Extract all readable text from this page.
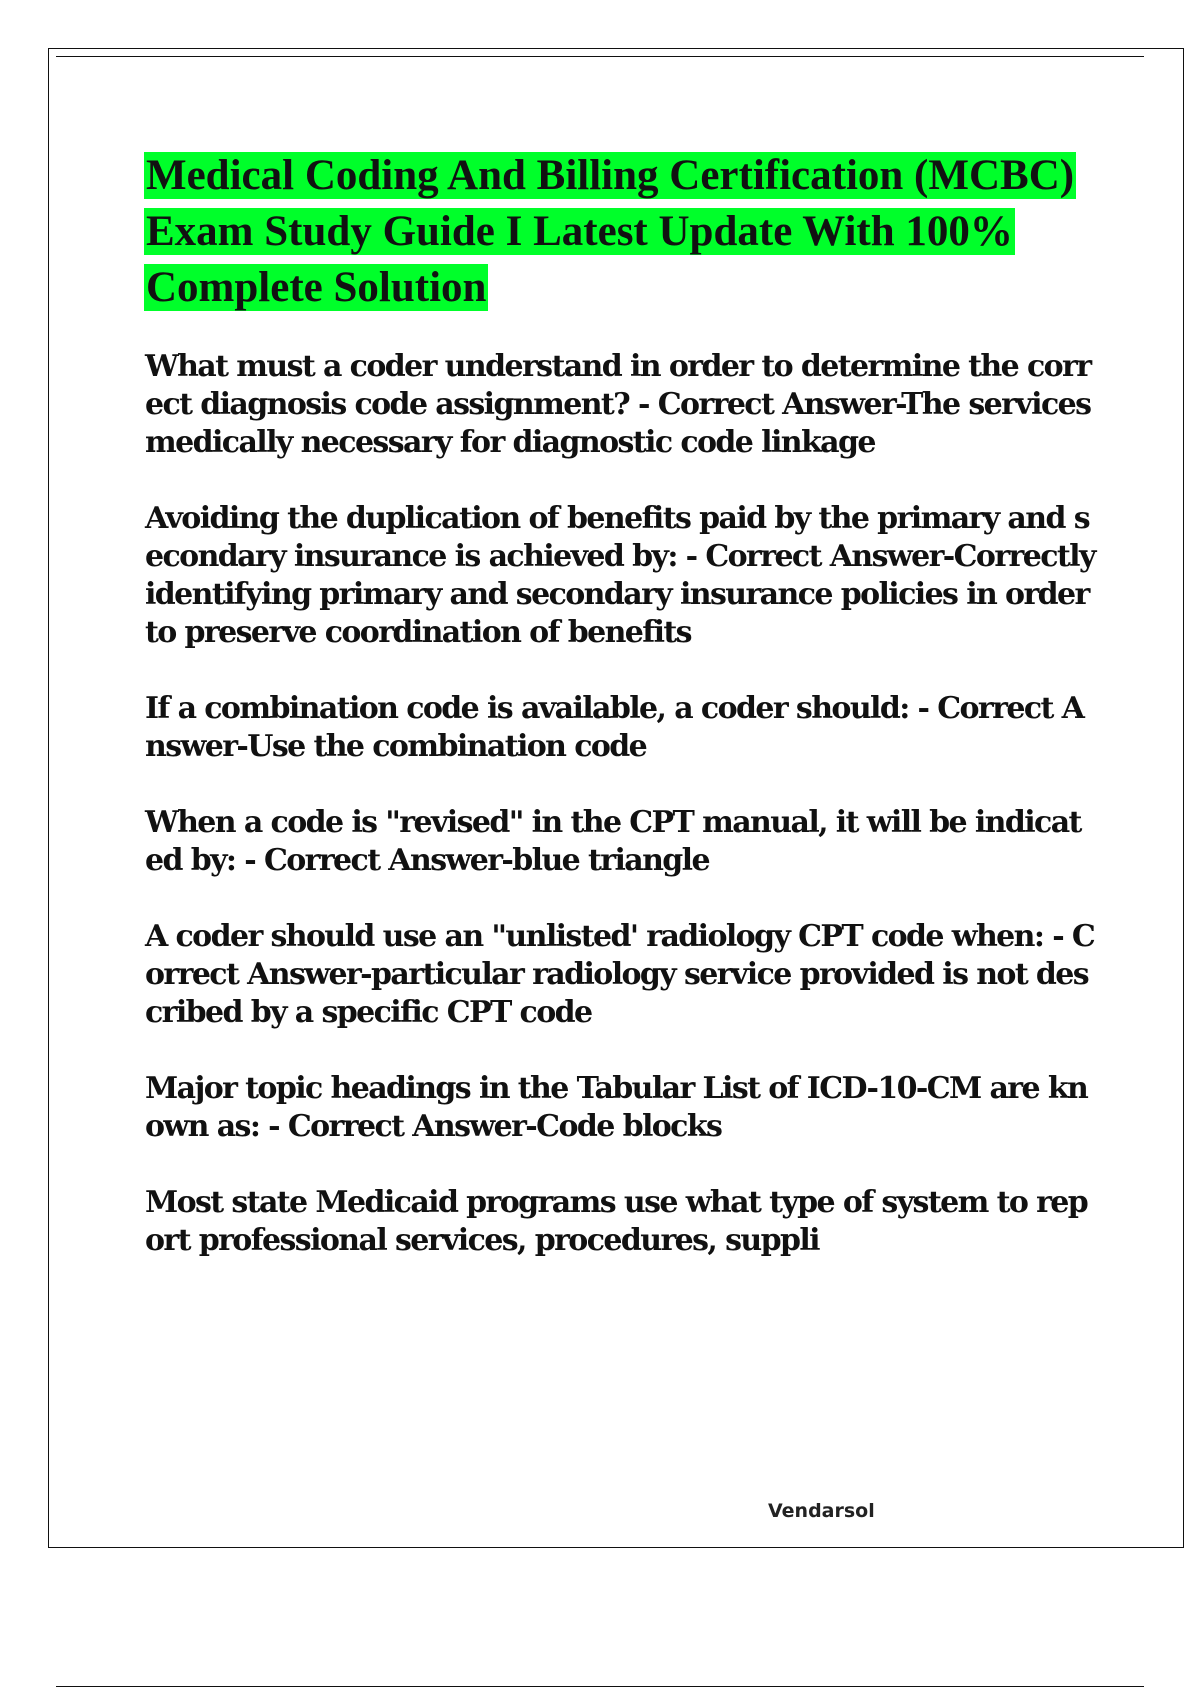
Medical Coding And Billing Certification (MCBC) Exam Study Guide I Latest Update With 100% Complete Solution
What must a coder understand in order to determine the correct diagnosis code assignment? - Correct Answer-The services medically necessary for diagnostic code linkage
Avoiding the duplication of benefits paid by the primary and secondary insurance is achieved by: - Correct Answer-Correctly identifying primary and secondary insurance policies in order to preserve coordination of benefits
If a combination code is available, a coder should: - Correct Answer-Use the combination code
When a code is "revised" in the CPT manual, it will be indicated by: - Correct Answer-blue triangle
A coder should use an "unlisted' radiology CPT code when: - Correct Answer-particular radiology service provided is not described by a specific CPT code
Major topic headings in the Tabular List of ICD-10-CM are known as: - Correct Answer-Code blocks
Most state Medicaid programs use what type of system to report professional services, procedures, suppli
Vendarsol
